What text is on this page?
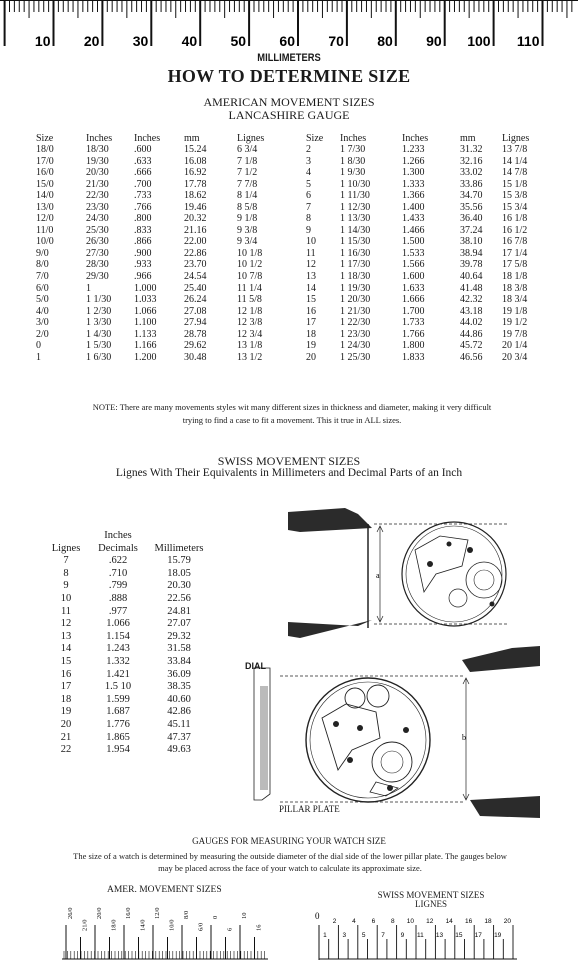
10 20 30 40 50 60 70 80 90 100 110
MILLIMETERS
HOW TO DETERMINE SIZE
AMERICAN MOVEMENT SIZES
LANCASHIRE GAUGE
Size	Inches	Inches	mm	Lignes
18/0	18/30	.600	15.24	6 3/4
17/0	19/30	.633	16.08	7 1/8
16/0	20/30	.666	16.92	7 1/2
15/0	21/30	.700	17.78	7 7/8
14/0	22/30	.733	18.62	8 1/4
13/0	23/30	.766	19.46	8 5/8
12/0	24/30	.800	20.32	9 1/8
11/0	25/30	.833	21.16	9 3/8
10/0	26/30	.866	22.00	9 3/4
9/0	27/30	.900	22.86	10 1/8
8/0	28/30	.933	23.70	10 1/2
7/0	29/30	.966	24.54	10 7/8
6/0	1	1.000	25.40	11 1/4
5/0	1 1/30	1.033	26.24	11 5/8
4/0	1 2/30	1.066	27.08	12 1/8
3/0	1 3/30	1.100	27.94	12 3/8
2/0	1 4/30	1.133	28.78	12 3/4
0	1 5/30	1.166	29.62	13 1/8
1	1 6/30	1.200	30.48	13 1/2
Size	Inches	Inches	mm	Lignes
2	1 7/30	1.233	31.32	13 7/8
3	1 8/30	1.266	32.16	14 1/4
4	1 9/30	1.300	33.02	14 7/8
5	1 10/30	1.333	33.86	15 1/8
6	1 11/30	1.366	34.70	15 3/8
7	1 12/30	1.400	35.56	15 3/4
8	1 13/30	1.433	36.40	16 1/8
9	1 14/30	1.466	37.24	16 1/2
10	1 15/30	1.500	38.10	16 7/8
11	1 16/30	1.533	38.94	17 1/4
12	1 17/30	1.566	39.78	17 5/8
13	1 18/30	1.600	40.64	18 1/8
14	1 19/30	1.633	41.48	18 3/8
15	1 20/30	1.666	42.32	18 3/4
16	1 21/30	1.700	43.18	19 1/8
17	1 22/30	1.733	44.02	19 1/2
18	1 23/30	1.766	44.86	19 7/8
19	1 24/30	1.800	45.72	20 1/4
20	1 25/30	1.833	46.56	20 3/4
NOTE: There are many movements styles wit many different sizes in thickness and diameter, making it very difficult trying to find a case to fit a movement. This it true in ALL sizes.
SWISS MOVEMENT SIZES
Lignes With Their Equivalents in Millimeters and Decimal Parts of an Inch
	Inches	
Lignes	Decimals	Millimeters
7	.622	15.79
8	.710	18.05
9	.799	20.30
10	.888	22.56
11	.977	24.81
12	1.066	27.07
13	1.154	29.32
14	1.243	31.58
15	1.332	33.84
16	1.421	36.09
17	1.5 10	38.35
18	1.599	40.60
19	1.687	42.86
20	1.776	45.11
21	1.865	47.37
22	1.954	49.63
a
b
DIAL
PILLAR PLATE
GAUGES FOR MEASURING YOUR WATCH SIZE
The size of a watch is determined by measuring the outside diameter of the dial side of the lower pillar plate. The gauges below may be placed across the face of your watch to calculate its approximate size.
AMER. MOVEMENT SIZES	SWISS MOVEMENT SIZES
LIGNES
26/0
21/0
20/0
18/0
16/0
14/0
12/0
10/0
8/0
6/0
0
6
10
16
0
2 4 6 8 10 12 14 16 18 20
1 3 5 7 9 11 13 15 17 19
